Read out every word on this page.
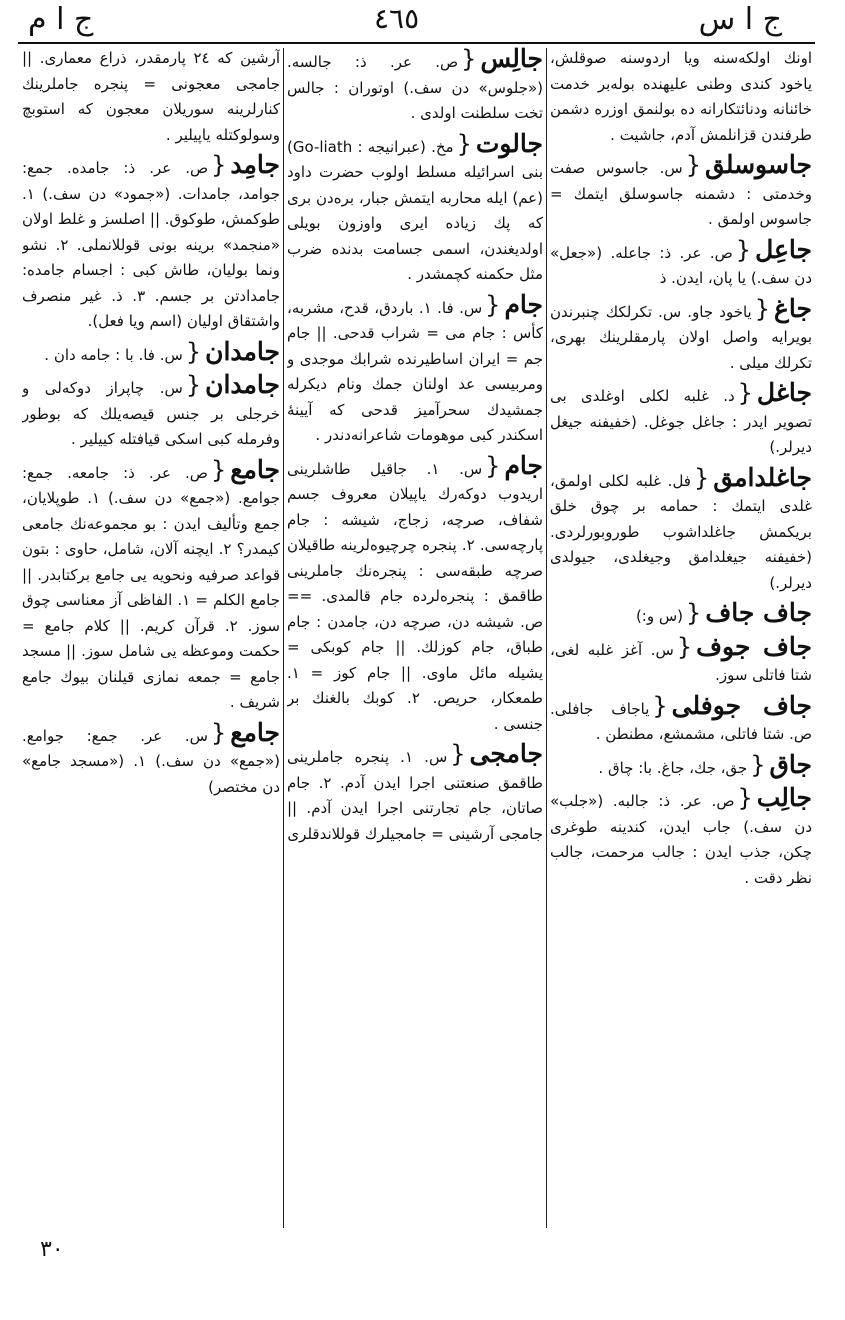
ج ا س
٤٦٥
ج ا م
اونك اولكەسنه ويا اردوسنه صوقلش، ياخود كندى وطنى عليهنده بولەبر خدمت خائنانه ودنائتكارانه ده بولنمق اوزره دشمن طرفندن قزانلمش آدم، جاشيت .
جاسوسلق{س. جاسوس صفت وخدمتى : دشمنه جاسوسلق ايتمك = جاسوس اولمق .
جاعِل{ص. عر. ذ: جاعله. («جعل» دن سف.) يا پان، ايدن. ذ
جاغ{ياخود جاو. س. تكرلكك چنبرندن بويرايه واصل اولان پارمقلرينك بهرى، تكرلك ميلى .
جاغل{د. غلبه لكلى اوغلدى بى تصوير ايدر : جاغل جوغل. (خفيفنه جيغل ديرلر.)
جاغلدامق{فل. غلبه لكلى اولمق، غلدى ايتمك : حمامه بر چوق خلق بريكمش جاغلداشوب طوروبورلردى. (خفيفنه جيغلدامق وجيغلدى، جيولدى ديرلر.)
جاف جاف{(س و:)
جاف جوف{س. آغز غلبه لغى، شتا فاتلى سوز.
جاف جوفلى{ياجاف جافلى. ص. شتا فاتلى، مشمشع، مطنطن .
جاق{جق، جك، جاغ. با: چاق .
جالِب{ص. عر. ذ: جالبه. («جلب» دن سف.) جاب ايدن، كندينه طوغرى چكن، جذب ايدن : جالب مرحمت، جالب نظر دقت .
جالِس{ص. عر. ذ: جالسه. («جلوس» دن سف.) اوتوران : جالس تخت سلطنت اولدى .
جالوت{مخ. (عبرانيجه : Go-liath) بنى اسرائيله مسلط اولوب حضرت داود (عم) ايله محاربه ايتمش جبار، بره‌دن برى كه پك زياده ايرى واوزون بويلى اولديغندن، اسمى جسامت بدنده ضرب مثل حكمنه كچمشدر .
جام{س. فا. ١. باردق، قدح، مشربه، كأس : جام مى = شراب قدحى. || جام جم = ايران اساطيرنده شرابك موجدى و ومربيسى عد اولنان جمك ونام ديكرله جمشيدك سحرآميز قدحى كه آيينهٔ اسكندر كبى موهومات شاعرانه‌دندر .
جام{س. ١. جاقيل طاشلرينى اريدوب دوكەرك ياپيلان معروف جسم شفاف، صرچه، زجاج، شيشه : جام پارچەسى. ٢. پنجره چرچيوەلرينه طاقيلان صرچه طبقەسى : پنجرەنك جاملرينى طاقمق : پنجرەلرده جام قالمدى. == ص. شيشه دن، صرچه دن، جامدن : جام طباق، جام كوزلك. || جام كوبكى = يشيله مائل ماوى. || جام كوز = ١. طمعكار، حريص. ٢. كوبك بالغنك بر جنسى .
جامجى{س. ١. پنجره جاملرينى طاقمق صنعتنى اجرا ايدن آدم. ٢. جام صاتان، جام تجارتنى اجرا ايدن آدم. || جامجى آرشينى = جامجيلرك قوللاندقلرى
آرشين كه ٢٤ پارمقدر، ذراع معمارى. || جامجى معجونى = پنجره جاملرينك كنارلرينه سوريلان معجون كه استوبچ وسولوكتله ياپيلير .
جامِد{ص. عر. ذ: جامده. جمع: جوامد، جامدات. («جمود» دن سف.) ١. طوكمش، طوكوق. || اصلسز و غلط اولان «منجمد» برينه بونى قوللانملى. ٢. نشو ونما بوليان، طاش كبى : اجسام جامده: جامدادتن بر جسم. ٣. ذ. غير منصرف واشتقاق اوليان (اسم ويا فعل).
جامدان{س. فا. با : جامه دان .
جامدان{س. چاپراز دوكەلى و خرجلى بر جنس قيصه‌يلك كه بوطور وفرمله كبى اسكى قيافتله كييلير .
جامع{ص. عر. ذ: جامعه. جمع: جوامع. («جمع» دن سف.) ١. طوپلايان، جمع وتأليف ايدن : بو مجموعەنك جامعى كيمدر؟ ٢. ايچنه آلان، شامل، حاوى : بتون قواعد صرفيه ونحويه يى جامع بركتابدر. || جامع الكلم = ١. الفاظى آز معناسى چوق سوز. ٢. قرآن كريم. || كلام جامع = حكمت وموعظه يى شامل سوز. || مسجد جامع = جمعه نمازى قيلنان بيوك جامع شريف .
جامع{س. عر. جمع: جوامع. («جمع» دن سف.) ١. («مسجد جامع» دن مختصر)
٣٠
